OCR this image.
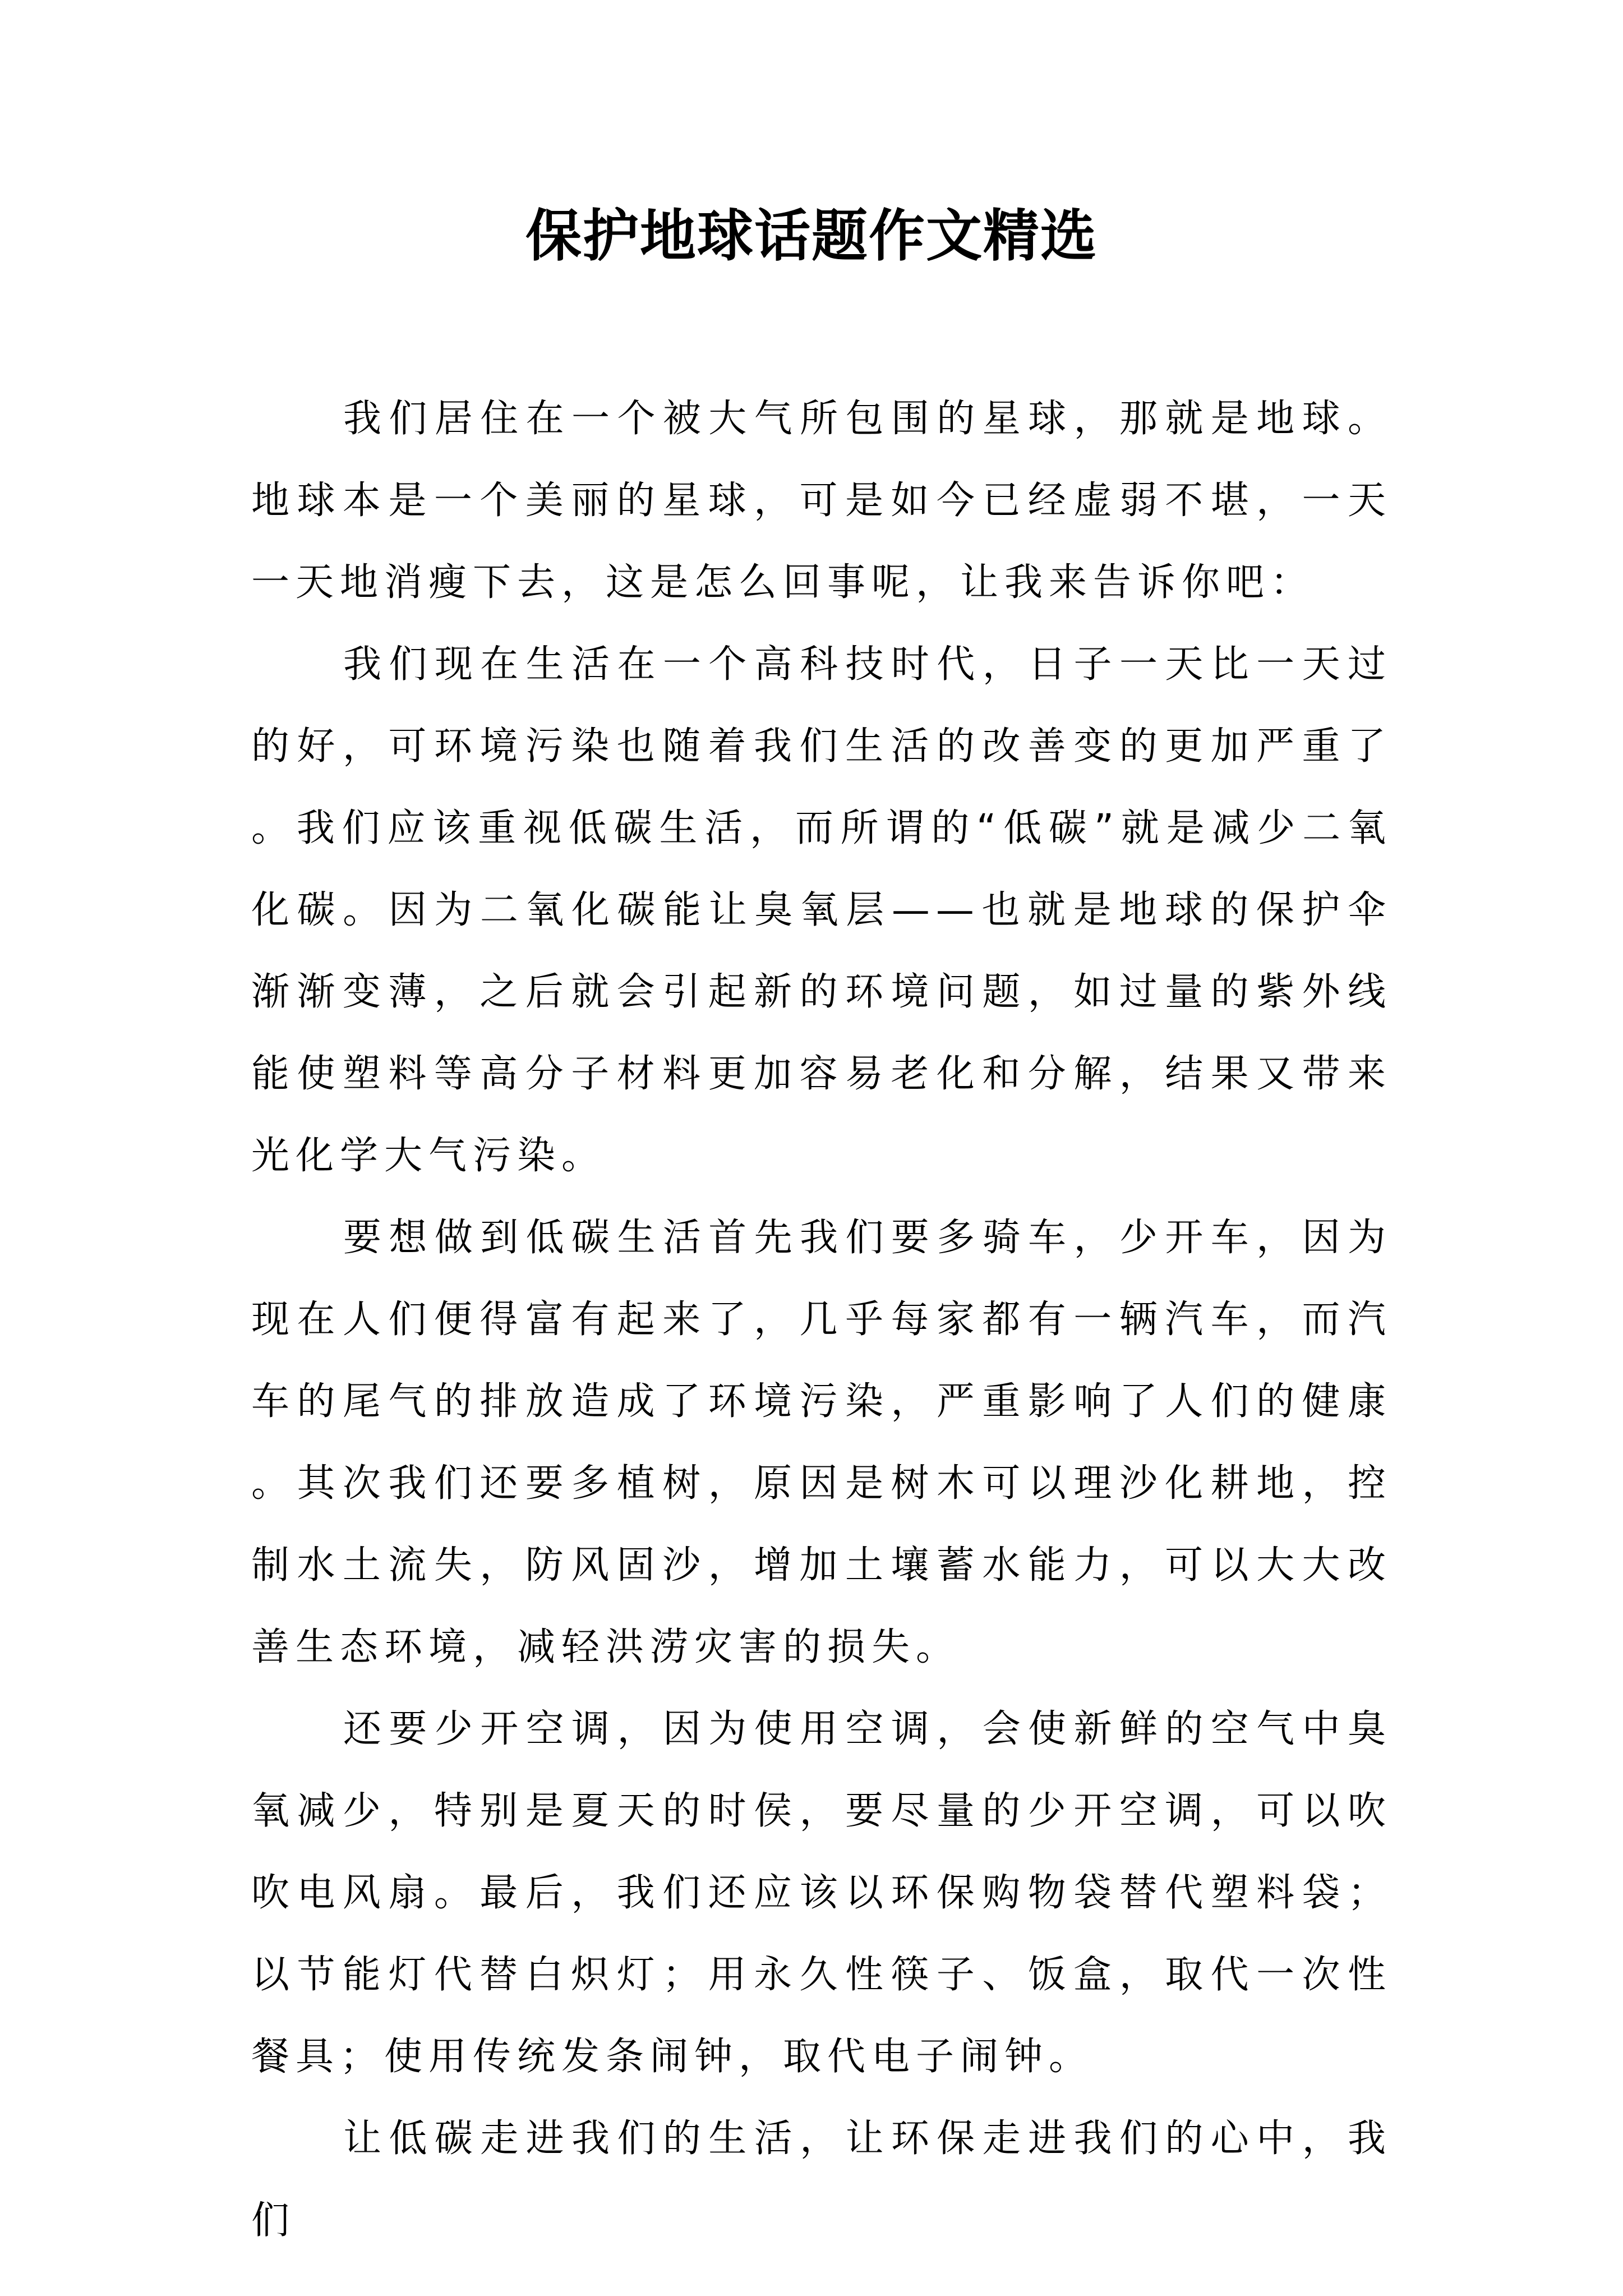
保护地球话题作文精选

我们居住在一个被大气所包围的星球，那就是地球。地球本是一个美丽的星球，可是如今已经虚弱不堪，一天一天地消瘦下去，这是怎么回事呢，让我来告诉你吧：

我们现在生活在一个高科技时代，日子一天比一天过的好，可环境污染也随着我们生活的改善变的更加严重了。我们应该重视低碳生活，而所谓的“低碳”就是减少二氧化碳。因为二氧化碳能让臭氧层——也就是地球的保护伞渐渐变薄，之后就会引起新的环境问题，如过量的紫外线能使塑料等高分子材料更加容易老化和分解，结果又带来光化学大气污染。

要想做到低碳生活首先我们要多骑车，少开车，因为现在人们便得富有起来了，几乎每家都有一辆汽车，而汽车的尾气的排放造成了环境污染，严重影响了人们的健康。其次我们还要多植树，原因是树木可以理沙化耕地，控制水土流失，防风固沙，增加土壤蓄水能力，可以大大改善生态环境，减轻洪涝灾害的损失。

还要少开空调，因为使用空调，会使新鲜的空气中臭氧减少，特别是夏天的时侯，要尽量的少开空调，可以吹吹电风扇。最后，我们还应该以环保购物袋替代塑料袋；以节能灯代替白炽灯；用永久性筷子、饭盒，取代一次性餐具；使用传统发条闹钟，取代电子闹钟。

让低碳走进我们的生活，让环保走进我们的心中，我们
